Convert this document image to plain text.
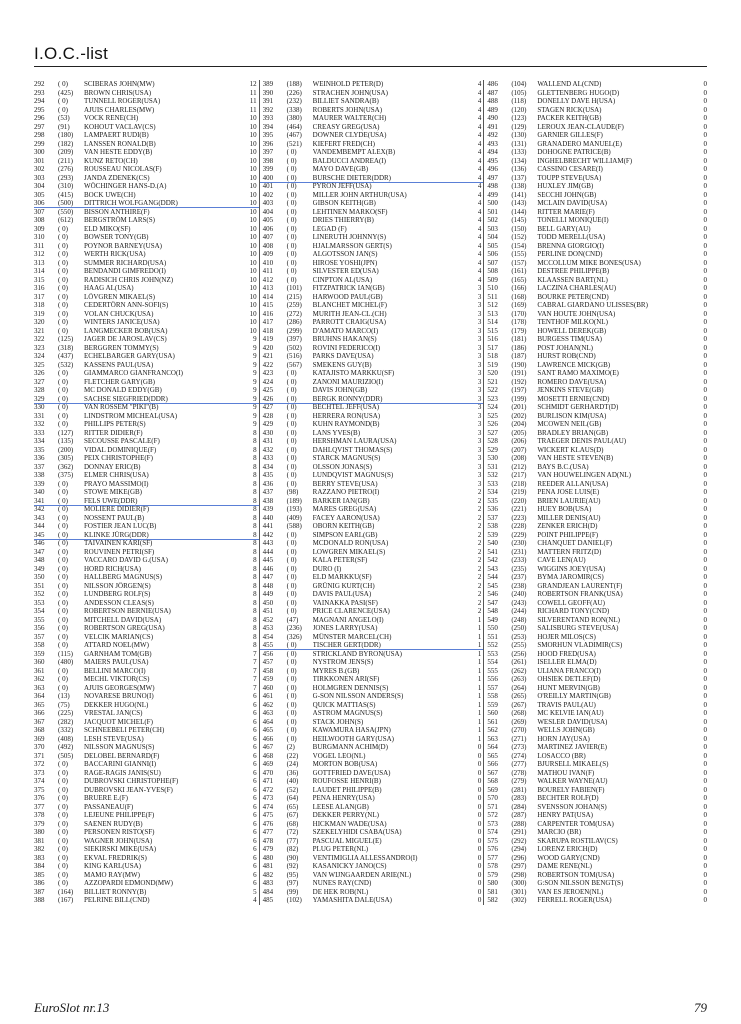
I.O.C.-list
292	( 0)	SCIBERAS JOHN(MW)	12
293	(425)	BROWN CHRIS(USA)	11
294	( 0)	TUNNELL ROGER(USA)	11
295	( 0)	AJUIS CHARLES(MW)	11
296	(53)	VOCK RENE(CH)	10
297	(91)	KOHOUT VACLAV(CS)	10
298	(180)	LAMPAERT RUDI(B)	10
299	(182)	LANSSEN RONALD(B)	10
300	(209)	VAN HESTE EDDY(B)	10
301	(211)	KUNZ RETO(CH)	10
302	(276)	ROUSSEAU NICOLAS(F)	10
303	(293)	JANDA ZDENEK(CS)	10
304	(310)	WÖCHINGER HANS-D.(A)	10
305	(415)	BOCK UWE(CH)	10
306	(500)	DITTRICH WOLFGANG(DDR)	10
307	(550)	BISSON ANTHIRE(F)	10
308	(612)	BERGSTRÖM LARS(S)	10
309	( 0)	ELD MIKO(SF)	10
310	( 0)	BOWSER TONY(GB)	10
311	( 0)	POYNOR BARNEY(USA)	10
312	( 0)	WERTH RICK(USA)	10
313	( 0)	SUMMER RICHARD(USA)	10
314	( 0)	BENDANDI GIMFREDO(I)	10
315	( 0)	RADISICH CHRIS JOHN(NZ)	10
316	( 0)	HAAG AL(USA)	10
317	( 0)	LÖVGREN MIKAEL(S)	10
318	( 0)	CEDERTÖRN ANN-SOFI(S)	10
319	( 0)	VOLAN CHUCK(USA)	10
320	( 0)	WINTERS JANICE(USA)	10
321	( 0)	LANGMECKER BOB(USA)	10
322	(125)	JAGER DE JAROSLAV(CS)	9
323	(318)	BERGGREN TOMMY(S)	9
324	(437)	ECHELBARGER GARY(USA)	9
325	(532)	KASSENS PAUL(USA)	9
326	( 0)	GIAMMARCO GIANFRANCO(I)	9
327	( 0)	FLETCHER GARY(GB)	9
328	( 0)	MC DONALD EDDY(GB)	9
329	( 0)	SACHSE SIEGFRIED(DDR)	9
330	( 0)	VAN ROSSEM "PIKI"(B)	9
331	( 0)	LINDSTROM MICHEAL(USA)	9
332	( 0)	PHILLIPS PETER(S)	9
333	(127)	RITTER DIDIER(F)	8
334	(135)	SECOUSSE PASCALE(F)	8
335	(200)	VIDAL DOMINIQUE(F)	8
336	(305)	PEIX CHRISTOPHE(F)	8
337	(362)	DONNAY ERIC(B)	8
338	(375)	ELMER CHRIS(USA)	8
339	( 0)	PRAYO MASSIMO(I)	8
340	( 0)	STOWE MIKE(GB)	8
341	( 0)	FELS UWE(DDR)	8
342	( 0)	MOLIERE DIDIER(F)	8
343	( 0)	NOSSENT PAUL(B)	8
344	( 0)	FOSTIER JEAN LUC(B)	8
345	( 0)	KLINKE JÜRG(DDR)	8
346	( 0)	TAIVAINEN KARI(SF)	8
347	( 0)	ROUVINEN PETRI(SF)	8
348	( 0)	VACCARO DAVID G.(USA)	8
349	( 0)	HORD RICH(USA)	8
350	( 0)	HALLBERG MAGNUS(S)	8
351	( 0)	NILSSON JÖRGEN(S)	8
352	( 0)	LUNDBERG ROLF(S)	8
353	( 0)	ANDESSON CLEAS(S)	8
354	( 0)	ROBERTSON BERNIE(USA)	8
355	( 0)	MITCHELL DAVID(USA)	8
356	( 0)	ROBERTSON GREG(USA)	8
357	( 0)	VELCIK MARIAN(CS)	8
358	( 0)	ATTARD NOEL(MW)	8
359	(115)	GARNHAM TOM(GB)	7
360	(480)	MAIERS PAUL(USA)	7
361	( 0)	BELLINI MARCO(I)	7
362	( 0)	MECHL VIKTOR(CS)	7
363	( 0)	AJUIS GEORGES(MW)	7
364	(13)	NOVARESE BRUNO(I)	6
365	(75)	DEKKER HUGO(NL)	6
366	(225)	VRESTAL JAN(CS)	6
367	(282)	JACQUOT MICHEL(F)	6
368	(332)	SCHNEEBELI PETER(CH)	6
369	(408)	LESH STEVE(USA)	6
370	(492)	NILSSON MAGNUS(S)	6
371	(505)	DELOBEL BERNARD(F)	6
372	( 0)	BACCARINI GIANNI(I)	6
373	( 0)	RAGE-RAGIS JANIS(SU)	6
374	( 0)	DUBROVSKI CHRISTOPHE(F)	6
375	( 0)	DUBROVSKI JEAN-YVES(F)	6
376	( 0)	BRUERE E.(F)	6
377	( 0)	PASSANEAU(F)	6
378	( 0)	LEJEUNE PHILIPPE(F)	6
379	( 0)	SAENEN RUDY(B)	6
380	( 0)	PERSONEN RISTO(SF)	6
381	( 0)	WAGNER JOHN(USA)	6
382	( 0)	SIEKIRSKI MIKE(USA)	6
383	( 0)	EKVAL FREDRIK(S)	6
384	( 0)	KING KARL(USA)	6
385	( 0)	MAMO RAY(MW)	6
386	( 0)	AZZOPARDI EDMOND(MW)	6
387	(164)	BILLIET RONNY(B)	5
388	(167)	PELRINE BILL(CND)	4
389	(188)	WEINHOLD PETER(D)	4
390	(226)	STRACHEN JOHN(USA)	4
391	(232)	BILLIET SANDRA(B)	4
392	(338)	ROBERTS JOHN(USA)	4
393	(380)	MAURER WALTER(CH)	4
394	(464)	CREASY GREG(USA)	4
395	(467)	DOWNER CLYDE(USA)	4
396	(521)	KIEFERT FRED(CH)	4
397	( 0)	VANDEMBEMPT ALEX(B)	4
398	( 0)	BALDUCCI ANDREA(I)	4
399	( 0)	MAYO DAVE(GB)	4
400	( 0)	BURSCHE DIETER(DDR)	4
401	( 0)	PYRON JEFF(USA)	4
402	( 0)	MILLER JOHN ARTHUR(USA)	4
403	( 0)	GIBSON KEITH(GB)	4
404	( 0)	LEHTINEN MARKO(SF)	4
405	( 0)	DRIES THIERRY(B)	4
406	( 0)	LEGAD (F)	4
407	( 0)	LINERUTH JOHNNY(S)	4
408	( 0)	HJALMARSSON GERT(S)	4
409	( 0)	ALGOTSSON JAN(S)	4
410	( 0)	HIROSE YOSHI(JPN)	4
411	( 0)	SILVESTER ED(USA)	4
412	( 0)	CINPTON AL(USA)	4
413	(101)	FITZPATRICK IAN(GB)	3
414	(215)	HARWOOD PAUL(GB)	3
415	(259)	BLANCHET MICHEL(F)	3
416	(272)	MURITH JEAN-CL.(CH)	3
417	(286)	PARROTT CRAIG(USA)	3
418	(299)	D'AMATO MARCO(I)	3
419	(397)	BRUHNS HAKAN(S)	3
420	(502)	ROVINI FEDERICO(I)	3
421	(516)	PARKS DAVE(USA)	3
422	(567)	SMEKENS GUY(B)	3
423	( 0)	KATAJISTO MARKKU(SF)	3
424	( 0)	ZANONI MAURIZIO(I)	3
425	( 0)	DAVIS JOHN(GB)	3
426	( 0)	BERGK RONNY(DDR)	3
427	( 0)	BECHTEL JEFF(USA)	3
428	( 0)	HERRERA RON(USA)	3
429	( 0)	KUHN RAYMOND(B)	3
430	( 0)	LANS YVES(B)	3
431	( 0)	HERSHMAN LAURA(USA)	3
432	( 0)	DAHLQVIST THOMAS(S)	3
433	( 0)	STARCK MAGNUS(S)	3
434	( 0)	OLSSON JONAS(S)	3
435	( 0)	LUNDQVIST MAGNUS(S)	3
436	( 0)	BERRY STEVE(USA)	3
437	(98)	RAZZANO PIETRO(I)	2
438	(189)	BARKER IAN(GB)	2
439	(193)	MARES GREG(USA)	2
440	(409)	FACEY AARON(USA)	2
441	(588)	OBORN KEITH(GB)	2
442	( 0)	SIMPSON EARL(GB)	2
443	( 0)	MCDONALD RON(USA)	2
444	( 0)	LOWGREN MIKAEL(S)	2
445	( 0)	KALA PETER(SF)	2
446	( 0)	DURO (I)	2
447	( 0)	ELD MARKKU(SF)	2
448	( 0)	GRÜNIG KURT(CH)	2
449	( 0)	DAVIS PAUL(USA)	2
450	( 0)	VAINAKKA PASI(SF)	2
451	( 0)	PRICE CLARENCE(USA)	2
452	(47)	MAGNANI ANGELO(I)	1
453	(236)	JONES LARRY(USA)	1
454	(326)	MÜNSTER MARCEL(CH)	1
455	( 0)	TISCHER GERT(DDR)	1
456	( 0)	STRICKLAND BYRON(USA)	1
457	( 0)	NYSTROM JENS(S)	1
458	( 0)	MYRES B.(GB)	1
459	( 0)	TIRKKONEN ARI(SF)	1
460	( 0)	HOLMGREN DENNIS(S)	1
461	( 0)	G-SON NILSSON ANDERS(S)	1
462	( 0)	QUICK MATTIAS(S)	1
463	( 0)	ASTROM MAGNUS(S)	1
464	( 0)	STACK JOHN(S)	1
465	( 0)	KAWAMURA HASA(JPN)	1
466	( 0)	HEILWOOTH GARY(USA)	1
467	(2)	BURGMANN ACHIM(D)	0
468	(22)	VOGEL LEO(NL)	0
469	(24)	MORTON BOB(USA)	0
470	(36)	GOTTFRIED DAVE(USA)	0
471	(40)	ROUFOSSE HENRI(B)	0
472	(52)	LAUDET PHILIPPE(B)	0
473	(64)	PENA HENRY(USA)	0
474	(65)	LEESE ALAN(GB)	0
475	(67)	DEKKER PERRY(NL)	0
476	(68)	HICKMAN WADE(USA)	0
477	(72)	SZEKELYHIDI CSABA(USA)	0
478	(77)	PASCUAL MIGUEL(E)	0
479	(82)	PLUG PETER(NL)	0
480	(90)	VENTIMIGLIA ALLESSANDRO(I)	0
481	(92)	KASANICKY JANO(CS)	0
482	(95)	VAN WIJNGAARDEN ARIE(NL)	0
483	(97)	NUNES RAY(CND)	0
484	(99)	DE HEK ROB(NL)	0
485	(102)	YAMASHITA DALE(USA)	0
486	(104)	WALLEND AL(CND)	0
487	(105)	GLETTENBERG HUGO(D)	0
488	(118)	DONELLY DAVE H(USA)	0
489	(120)	STAGEN RICK(USA)	0
490	(123)	PACKER KEITH(GB)	0
491	(129)	LEROUX JEAN-CLAUDE(F)	0
492	(130)	GARNIER GILLES(F)	0
493	(131)	GRANADERO MANUEL(E)	0
494	(133)	DOHOGNE PATRICE(B)	0
495	(134)	INGHELBRECHT WILLIAM(F)	0
496	(136)	CASSINO CESARE(I)	0
497	(137)	TOUPP STEVE(USA)	0
498	(138)	HUXLEY JIM(GB)	0
499	(141)	SECCHI JOHN(GB)	0
500	(143)	MCLAIN DAVID(USA)	0
501	(144)	RITTER MARIE(F)	0
502	(145)	TONELLI MONIQUE(I)	0
503	(150)	BELL GARY(AU)	0
504	(152)	TODD MERELL(USA)	0
505	(154)	BRENNA GIORGIO(I)	0
506	(155)	PERLINE DON(CND)	0
507	(157)	MCCOLLUM MIKE BONES(USA)	0
508	(161)	DESTREE PHILIPPE(B)	0
509	(165)	KLAASSEN BART(NL)	0
510	(166)	LACZINA CHARLES(AU)	0
511	(168)	BOURKE PETER(CND)	0
512	(169)	CABRAL GIARDANO ULISSES(BR)	0
513	(170)	VAN HOUTE JOHN(USA)	0
514	(178)	TENTHOF MILKO(NL)	0
515	(179)	HOWELL DEREK(GB)	0
516	(181)	BURGESS TIM(USA)	0
517	(186)	POST JOHAN(NL)	0
518	(187)	HURST ROB(CND)	0
519	(190)	LAWRENCE MICK(GB)	0
520	(191)	SANT RAMO MAXIMO(E)	0
521	(192)	ROMERO DAVE(USA)	0
522	(197)	JENKINS STEVE(GB)	0
523	(199)	MOSETTI ERNIE(CND)	0
524	(201)	SCHMIDT GERHARDT(D)	0
525	(202)	BURLISON KIM(USA)	0
526	(204)	MCOWEN NEIL(GB)	0
527	(205)	BRADLEY BRIAN(GB)	0
528	(206)	TRAEGER DENIS PAUL(AU)	0
529	(207)	WICKERT KLAUS(D)	0
530	(208)	VAN HESTE STEVEN(B)	0
531	(212)	BAYS B.C.(USA)	0
532	(217)	VAN HOUWELINGEN AD(NL)	0
533	(218)	REEDER ALLAN(USA)	0
534	(219)	PENA JOSE LUIS(E)	0
535	(220)	BRIEN LAURIE(AU)	0
536	(221)	HUEY BOB(USA)	0
537	(223)	MILLER DENIS(AU)	0
538	(228)	ZENKER ERICH(D)	0
539	(229)	POINT PHILIPPE(F)	0
540	(230)	CHANQUET DANIEL(F)	0
541	(231)	MATTERN FRITZ(D)	0
542	(233)	CAVE LEN(AU)	0
543	(235)	WIGGINS JOEY(USA)	0
544	(237)	BYMA JAROMIR(CS)	0
545	(238)	GRANDJEAN LAURENT(F)	0
546	(240)	ROBERTSON FRANK(USA)	0
547	(243)	COWELL GEOFF(AU)	0
548	(244)	RICHARD TONY(CND)	0
549	(248)	SILVERENTAND RON(NL)	0
550	(250)	SALISBURG STEVE(USA)	0
551	(253)	HOJER MILOS(CS)	0
552	(255)	SMORHUN VLADIMIR(CS)	0
553	(256)	HOOD FRED(USA)	0
554	(261)	ISELLER ELMA(D)	0
555	(262)	ULIANA FRANCO(I)	0
556	(263)	OHSIEK DETLEF(D)	0
557	(264)	HUNT MERVIN(GB)	0
558	(265)	O'REILLY MARTIN(GB)	0
559	(267)	TRAVIS PAUL(AU)	0
560	(268)	MC KELVIE IAN(AU)	0
561	(269)	WESLER DAVID(USA)	0
562	(270)	WELLS JOHN(GB)	0
563	(271)	HORN JAY(USA)	0
564	(273)	MARTINEZ JAVIER(E)	0
565	(274)	LOSACCO (BR)	0
566	(277)	BJURSELL MIKAEL(S)	0
567	(278)	MATHOU IVAN(F)	0
568	(279)	WALKER WAYNE(AU)	0
569	(281)	BOURELY FABIEN(F)	0
570	(283)	BECHTER ROLF(D)	0
571	(284)	SVENSSON JOHAN(S)	0
572	(287)	HENRY PAT(USA)	0
573	(288)	CARPENTER TOM(USA)	0
574	(291)	MARCIO (BR)	0
575	(292)	SKARUPA ROSTILAV(CS)	0
576	(294)	LORENZ ERICH(D)	0
577	(296)	WOOD GARY(CND)	0
578	(297)	DAME RENE(NL)	0
579	(298)	ROBERTSON TOM(USA)	0
580	(300)	G:SON NILSSON BENGT(S)	0
581	(301)	VAN ES JEROEN(NL)	0
582	(302)	FERRELL ROGER(USA)	0
EuroSlot nr.13	79
